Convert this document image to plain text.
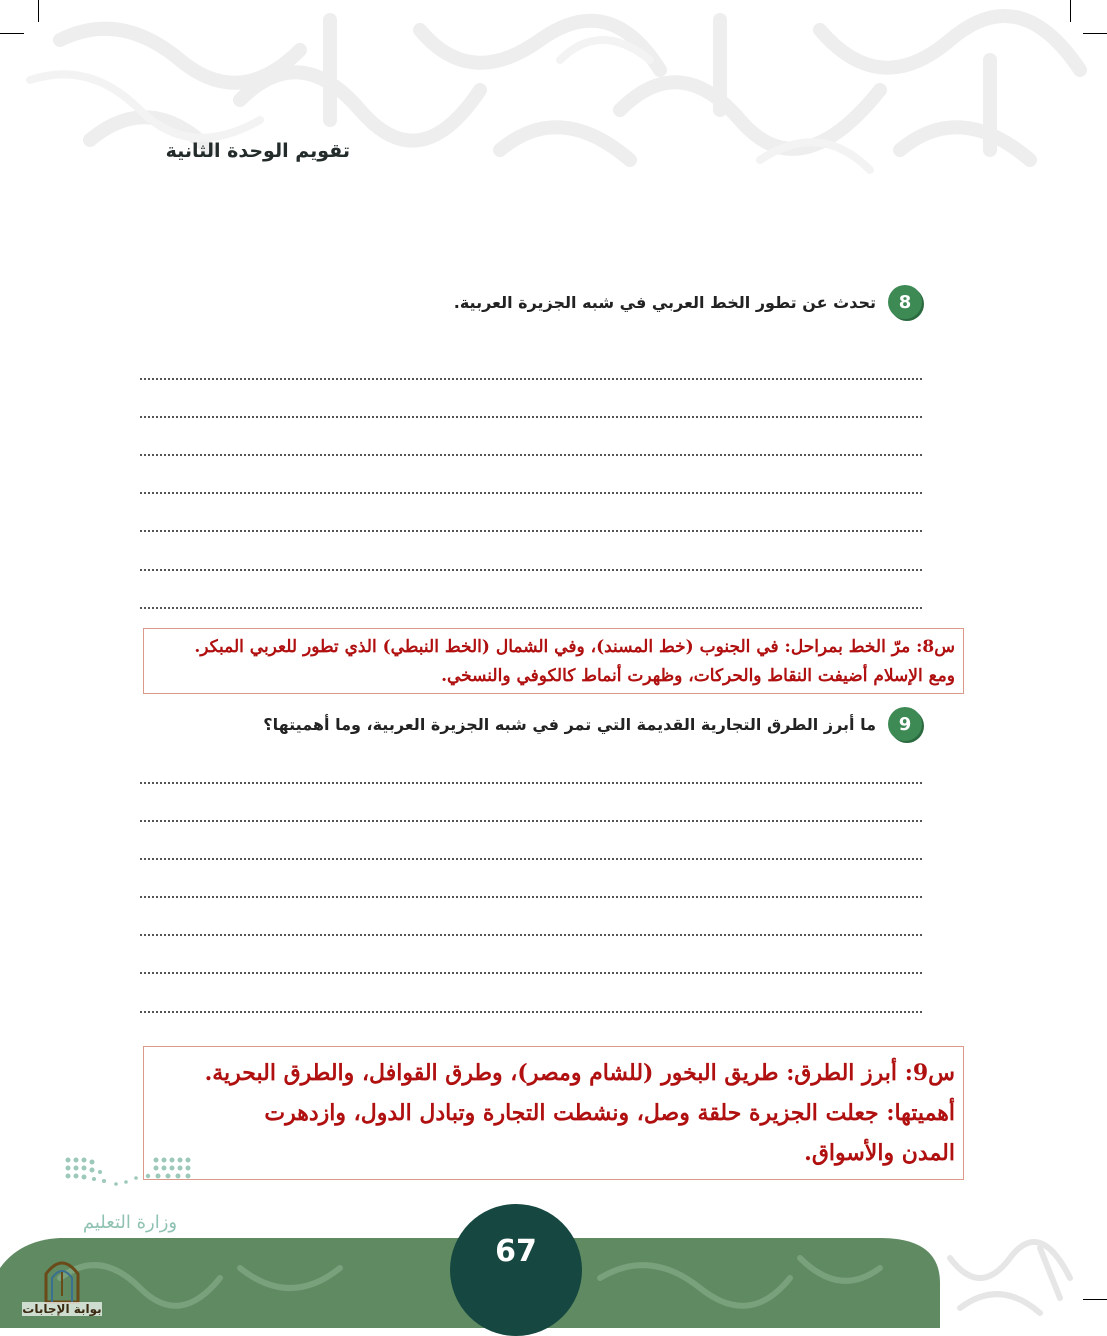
تقويم الوحدة الثانية
8
تحدث عن تطور الخط العربي في شبه الجزيرة العربية.

س8: مرّ الخط بمراحل: في الجنوب (خط المسند)، وفي الشمال (الخط النبطي) الذي تطور للعربي المبكر.

ومع الإسلام أضيفت النقاط والحركات، وظهرت أنماط كالكوفي والنسخي.

9
ما أبرز الطرق التجارية القديمة التي تمر في شبه الجزيرة العربية، وما أهميتها؟

س9: أبرز الطرق: طريق البخور (للشام ومصر)، وطرق القوافل، والطرق البحرية.

أهميتها: جعلت الجزيرة حلقة وصل، ونشطت التجارة وتبادل الدول، وازدهرت

المدن والأسواق.

وزارة التعليم
67
بوابة الإجابات
